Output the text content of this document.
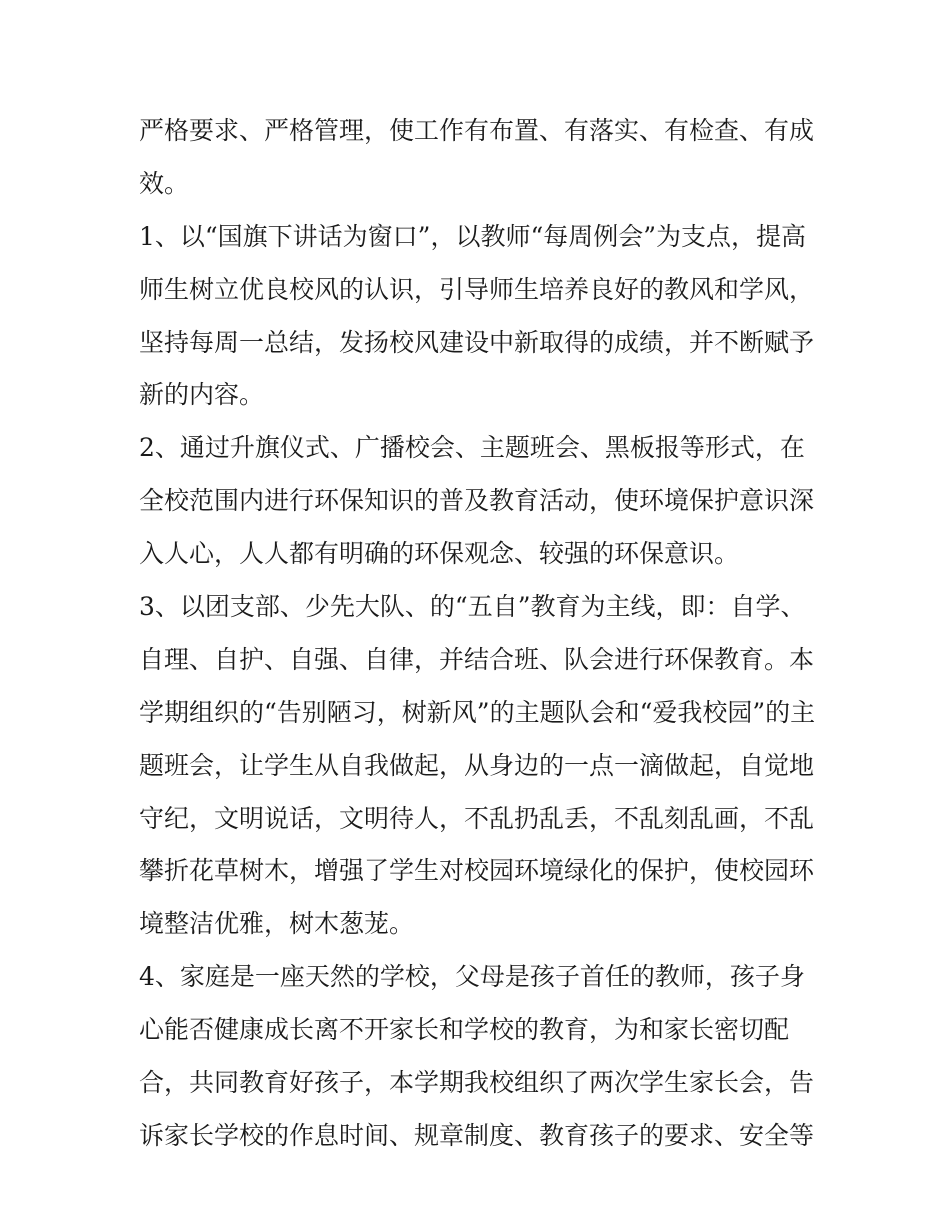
严格要求、严格管理，使工作有布置、有落实、有检查、有成
效。
1、以“国旗下讲话为窗口”，以教师“每周例会”为支点，提高
师生树立优良校风的认识，引导师生培养良好的教风和学风，
坚持每周一总结，发扬校风建设中新取得的成绩，并不断赋予
新的内容。
2、通过升旗仪式、广播校会、主题班会、黑板报等形式，在
全校范围内进行环保知识的普及教育活动，使环境保护意识深
入人心，人人都有明确的环保观念、较强的环保意识。
3、以团支部、少先大队、的“五自”教育为主线，即：自学、
自理、自护、自强、自律，并结合班、队会进行环保教育。本
学期组织的“告别陋习，树新风”的主题队会和“爱我校园”的主
题班会，让学生从自我做起，从身边的一点一滴做起，自觉地
守纪，文明说话，文明待人，不乱扔乱丢，不乱刻乱画，不乱
攀折花草树木，增强了学生对校园环境绿化的保护，使校园环
境整洁优雅，树木葱茏。
4、家庭是一座天然的学校，父母是孩子首任的教师，孩子身
心能否健康成长离不开家长和学校的教育，为和家长密切配
合，共同教育好孩子，本学期我校组织了两次学生家长会，告
诉家长学校的作息时间、规章制度、教育孩子的要求、安全等
